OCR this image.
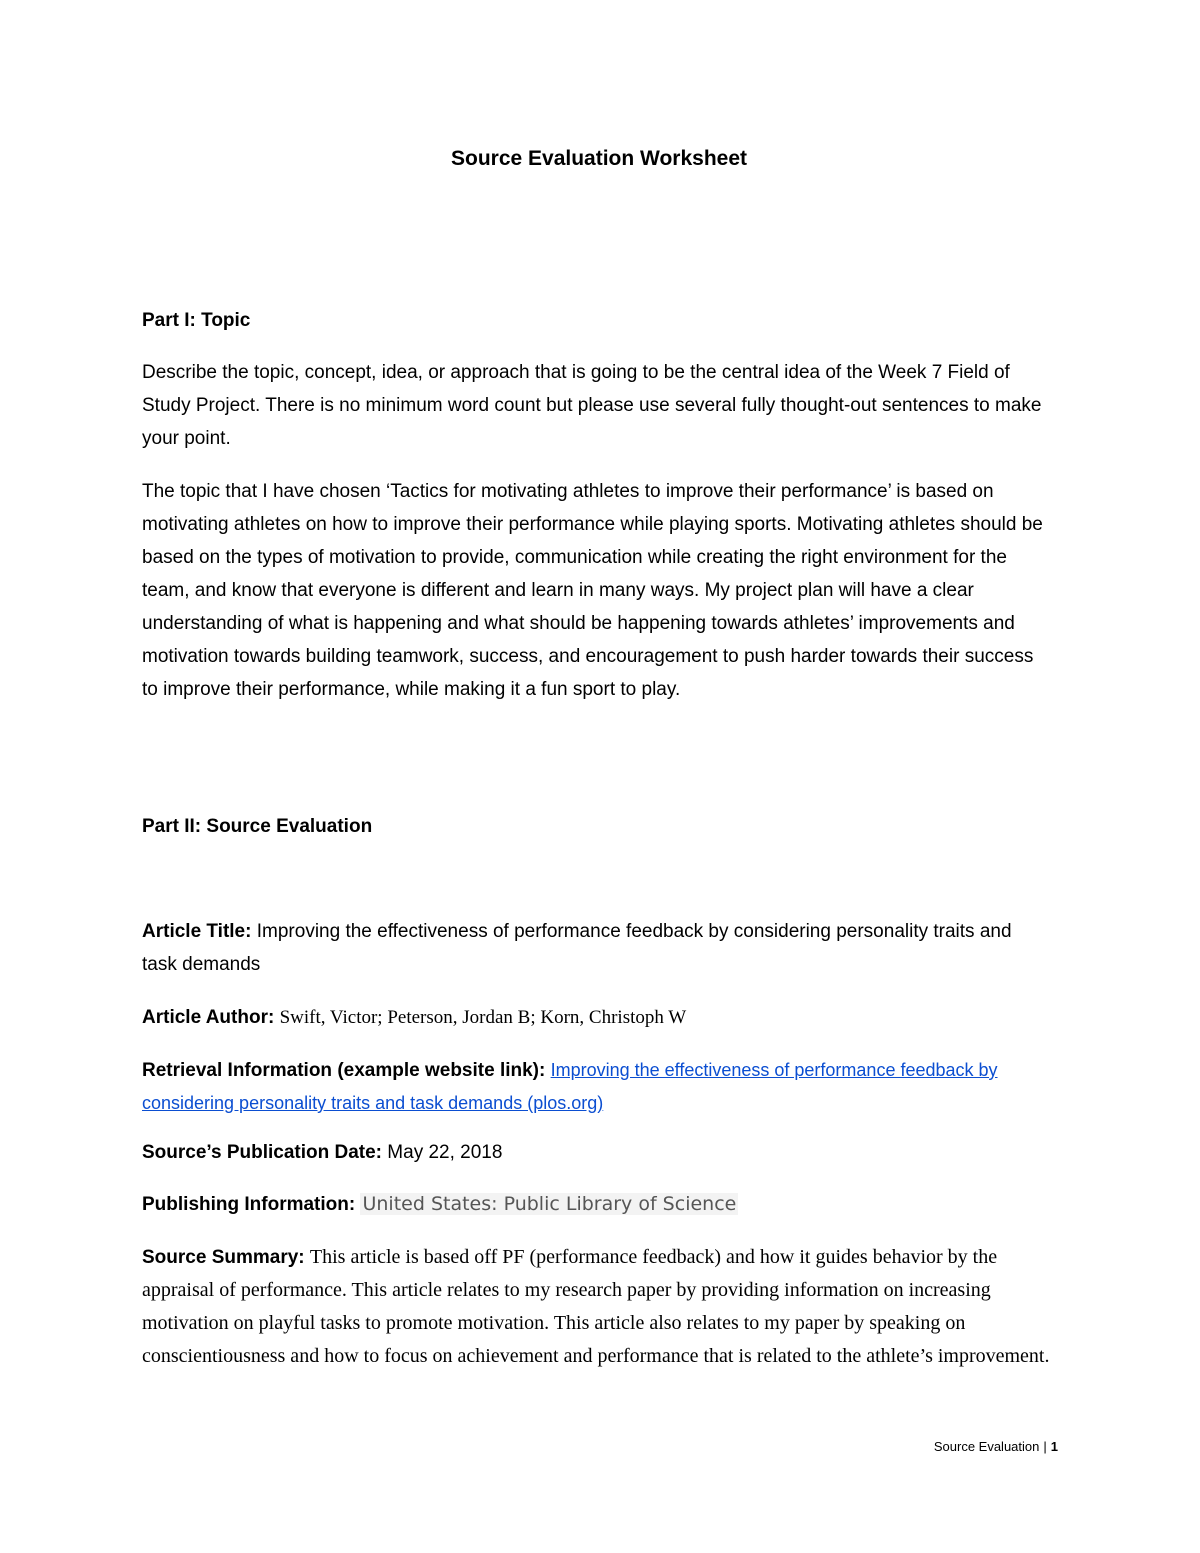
Source Evaluation Worksheet
Part I: Topic

Describe the topic, concept, idea, or approach that is going to be the central idea of the Week 7 Field of Study Project. There is no minimum word count but please use several fully thought-out sentences to make your point.

The topic that I have chosen ‘Tactics for motivating athletes to improve their performance’ is based on motivating athletes on how to improve their performance while playing sports. Motivating athletes should be based on the types of motivation to provide, communication while creating the right environment for the team, and know that everyone is different and learn in many ways. My project plan will have a clear understanding of what is happening and what should be happening towards athletes’ improvements and motivation towards building teamwork, success, and encouragement to push harder towards their success to improve their performance, while making it a fun sport to play.

Part II: Source Evaluation

Article Title: Improving the effectiveness of performance feedback by considering personality traits and task demands

Article Author: Swift, Victor; Peterson, Jordan B; Korn, Christoph W

Retrieval Information (example website link): Improving the effectiveness of performance feedback by considering personality traits and task demands (plos.org)

Source’s Publication Date: May 22, 2018

Publishing Information: United States: Public Library of Science

Source Summary: This article is based off PF (performance feedback) and how it guides behavior by the appraisal of performance. This article relates to my research paper by providing information on increasing motivation on playful tasks to promote motivation. This article also relates to my paper by speaking on conscientiousness and how to focus on achievement and performance that is related to the athlete’s improvement.

Source Evaluation | 1
